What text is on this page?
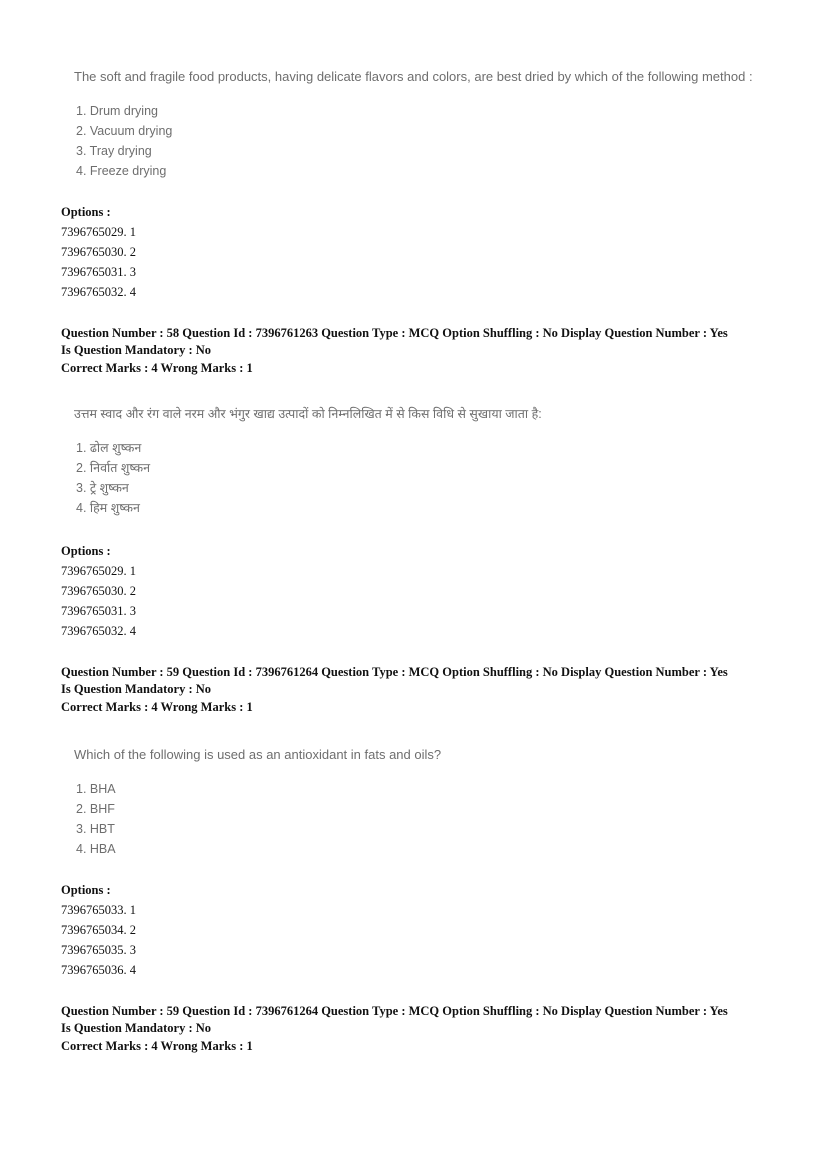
The soft and fragile food products, having delicate flavors and colors, are best dried by which of the following method :

1. Drum drying
2. Vacuum drying
3. Tray drying
4. Freeze drying
Options :
7396765029. 1
7396765030. 2
7396765031. 3
7396765032. 4
Question Number : 58 Question Id : 7396761263 Question Type : MCQ Option Shuffling : No Display Question Number : Yes
Is Question Mandatory : No
Correct Marks : 4 Wrong Marks : 1

उत्तम स्वाद और रंग वाले नरम और भंगुर खाद्य उत्पादों को निम्नलिखित में से किस विधि से सुखाया जाता है:

1. ढोल शुष्कन
2. निर्वात शुष्कन
3. ट्रे शुष्कन
4. हिम शुष्कन
Options :
7396765029. 1
7396765030. 2
7396765031. 3
7396765032. 4
Question Number : 59 Question Id : 7396761264 Question Type : MCQ Option Shuffling : No Display Question Number : Yes
Is Question Mandatory : No
Correct Marks : 4 Wrong Marks : 1

Which of the following is used as an antioxidant in fats and oils?

1. BHA
2. BHF
3. HBT
4. HBA
Options :
7396765033. 1
7396765034. 2
7396765035. 3
7396765036. 4
Question Number : 59 Question Id : 7396761264 Question Type : MCQ Option Shuffling : No Display Question Number : Yes
Is Question Mandatory : No
Correct Marks : 4 Wrong Marks : 1
